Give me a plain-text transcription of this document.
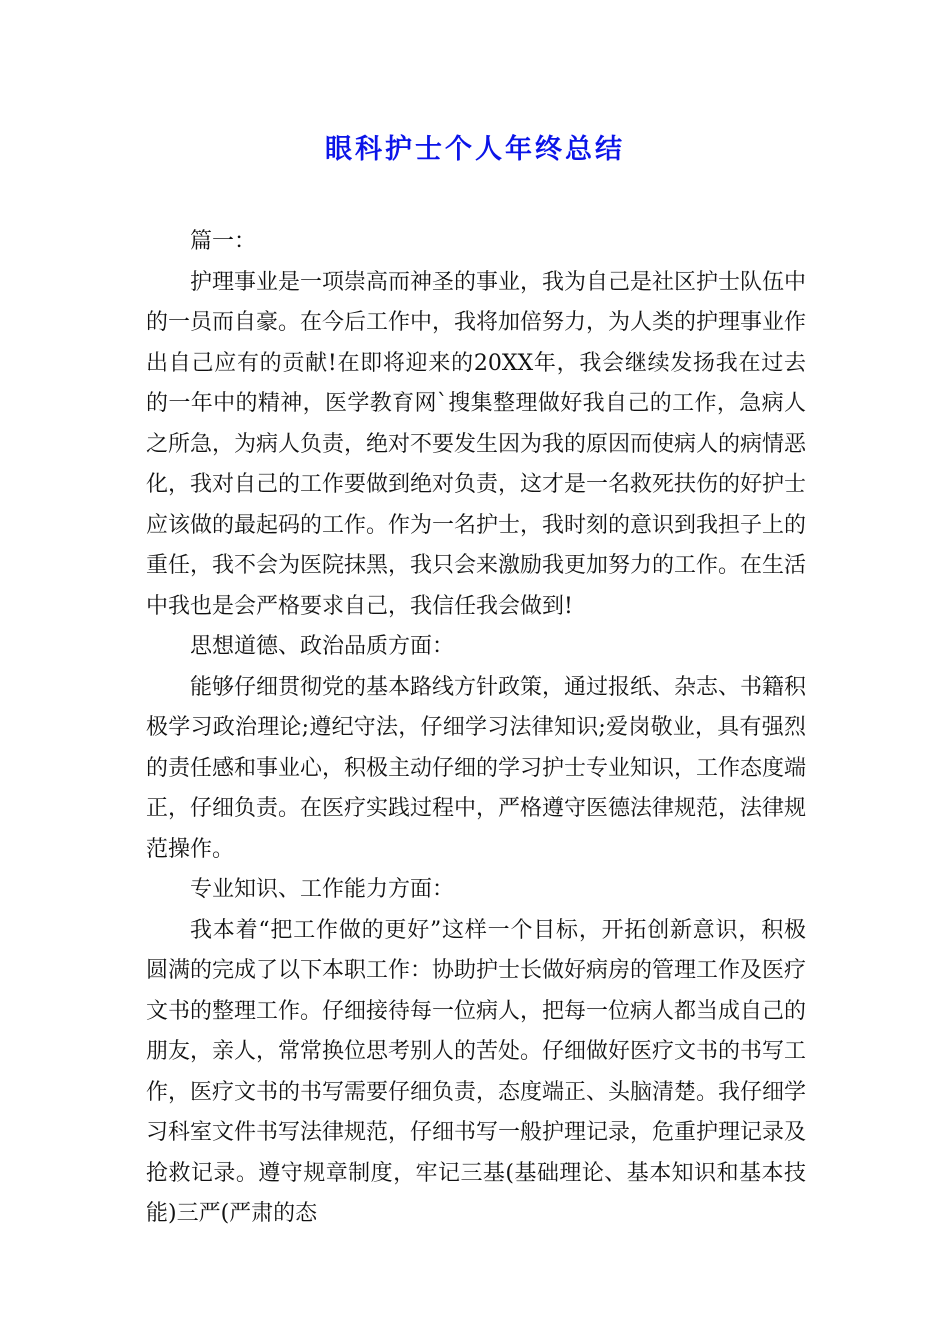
眼科护士个人年终总结

篇一：

护理事业是一项崇高而神圣的事业，我为自己是社区护士队伍中的一员而自豪。在今后工作中，我将加倍努力，为人类的护理事业作出自己应有的贡献!在即将迎来的20XX年，我会继续发扬我在过去的一年中的精神，医学教育网`搜集整理做好我自己的工作，急病人之所急，为病人负责，绝对不要发生因为我的原因而使病人的病情恶化，我对自己的工作要做到绝对负责，这才是一名救死扶伤的好护士应该做的最起码的工作。作为一名护士，我时刻的意识到我担子上的重任，我不会为医院抹黑，我只会来激励我更加努力的工作。在生活中我也是会严格要求自己，我信任我会做到!

思想道德、政治品质方面：

能够仔细贯彻党的基本路线方针政策，通过报纸、杂志、书籍积极学习政治理论;遵纪守法，仔细学习法律知识;爱岗敬业，具有强烈的责任感和事业心，积极主动仔细的学习护士专业知识，工作态度端正，仔细负责。在医疗实践过程中，严格遵守医德法律规范，法律规范操作。

专业知识、工作能力方面：

我本着“把工作做的更好”这样一个目标，开拓创新意识，积极圆满的完成了以下本职工作：协助护士长做好病房的管理工作及医疗文书的整理工作。仔细接待每一位病人，把每一位病人都当成自己的朋友，亲人，常常换位思考别人的苦处。仔细做好医疗文书的书写工作，医疗文书的书写需要仔细负责，态度端正、头脑清楚。我仔细学习科室文件书写法律规范，仔细书写一般护理记录，危重护理记录及抢救记录。遵守规章制度，牢记三基(基础理论、基本知识和基本技能)三严(严肃的态
